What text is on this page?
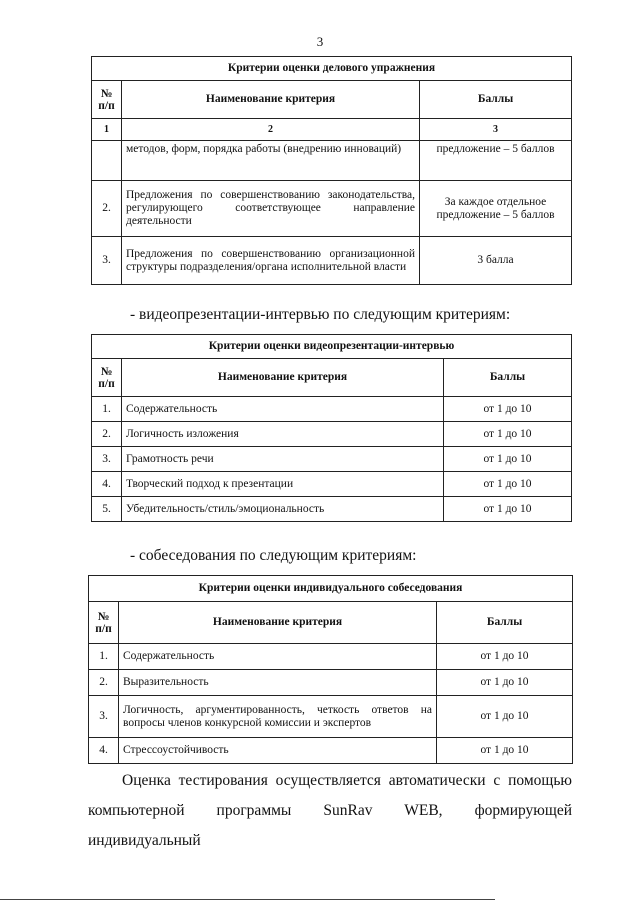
3
Критерии оценки делового упражнения		
№
п/п	Наименование критерия	Баллы
1	2	3
	методов, форм, порядка работы (внедрению инноваций)	предложение – 5 баллов
2.	Предложения по совершенствованию законодательства, регулирующего соответствующее направление деятельности	За каждое отдельное предложение – 5 баллов
3.	Предложения по совершенствованию организационной структуры подразделения/органа исполнительной власти	3 балла
- видеопрезентации-интервью по следующим критериям:
Критерии оценки видеопрезентации-интервью		
№
п/п	Наименование критерия	Баллы
1.	Содержательность	от 1 до 10
2.	Логичность изложения	от 1 до 10
3.	Грамотность речи	от 1 до 10
4.	Творческий подход к презентации	от 1 до 10
5.	Убедительность/стиль/эмоциональность	от 1 до 10
- собеседования по следующим критериям:
Критерии оценки индивидуального собеседования		
№
п/п	Наименование критерия	Баллы
1.	Содержательность	от 1 до 10
2.	Выразительность	от 1 до 10
3.	Логичность, аргументированность, четкость ответов на вопросы членов конкурсной комиссии и экспертов	от 1 до 10
4.	Стрессоустойчивость	от 1 до 10
Оценка тестирования осуществляется автоматически с помощью компьютерной программы SunRav WEB, формирующей индивидуальный
